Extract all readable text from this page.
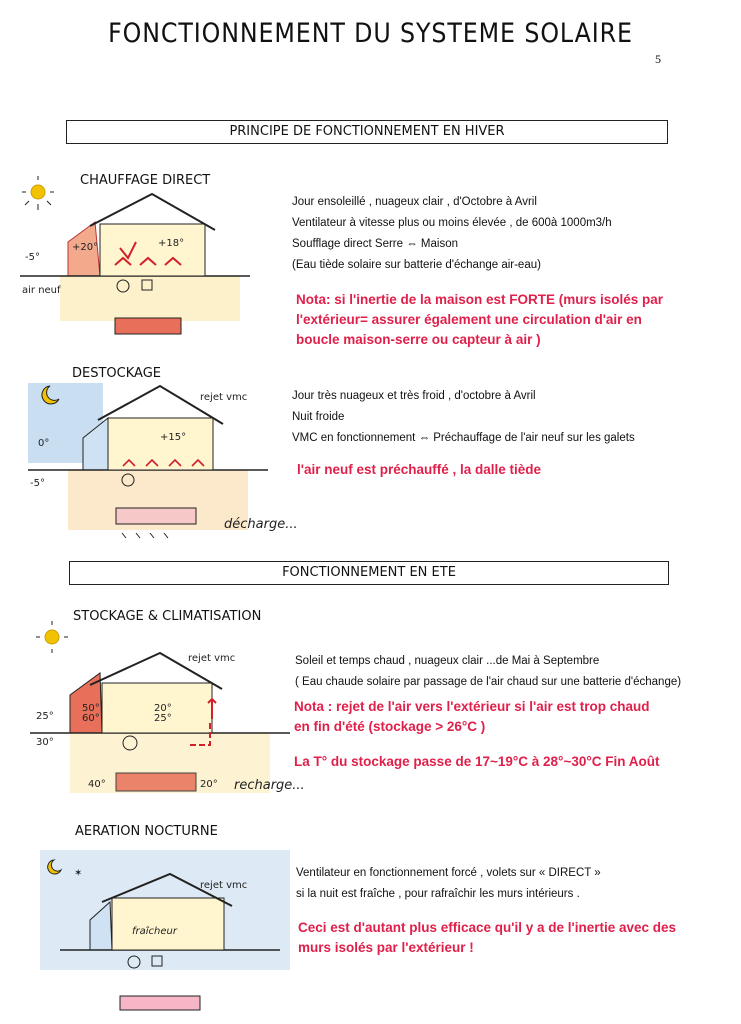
FONCTIONNEMENT DU SYSTEME SOLAIRE
5
PRINCIPE DE FONCTIONNEMENT EN HIVER
CHAUFFAGE DIRECT
-5°
+20°	+18°
air neuf
Jour ensoleillé , nuageux clair , d'Octobre à Avril
Ventilateur à vitesse plus ou moins élevée , de 600à 1000m3/h
Soufflage direct Serre ⇔ Maison
(Eau tiède solaire sur batterie d'échange air-eau)
Nota: si l'inertie de la maison est FORTE (murs isolés par
l'extérieur= assurer également une circulation d'air en
boucle maison-serre ou capteur à air )
DESTOCKAGE
rejet vmc
0°
-5°
+15°
décharge...
Jour très nuageux et très froid , d'octobre à Avril
Nuit froide
VMC en fonctionnement ⇔ Préchauffage de l'air neuf sur les galets
l'air neuf est préchauffé , la dalle tiède
FONCTIONNEMENT EN ETE
STOCKAGE & CLIMATISATION
rejet vmc
25°
30°
50°
60°
20°
25°
40°	20° recharge...
Soleil et temps chaud , nuageux clair ...de Mai à Septembre
( Eau chaude solaire par passage de l'air chaud sur une batterie d'échange)
Nota : rejet de l'air vers l'extérieur si l'air est trop chaud
en fin d'été (stockage > 26°C )
La T° du stockage passe de 17~19°C à 28°~30°C Fin Août
AERATION NOCTURNE
✶
rejet vmc
fraîcheur
Ventilateur en fonctionnement forcé , volets sur « DIRECT »
si la nuit est fraîche , pour rafraîchir les murs intérieurs .
Ceci est d'autant plus efficace qu'il y a de l'inertie avec des
murs isolés par l'extérieur !
